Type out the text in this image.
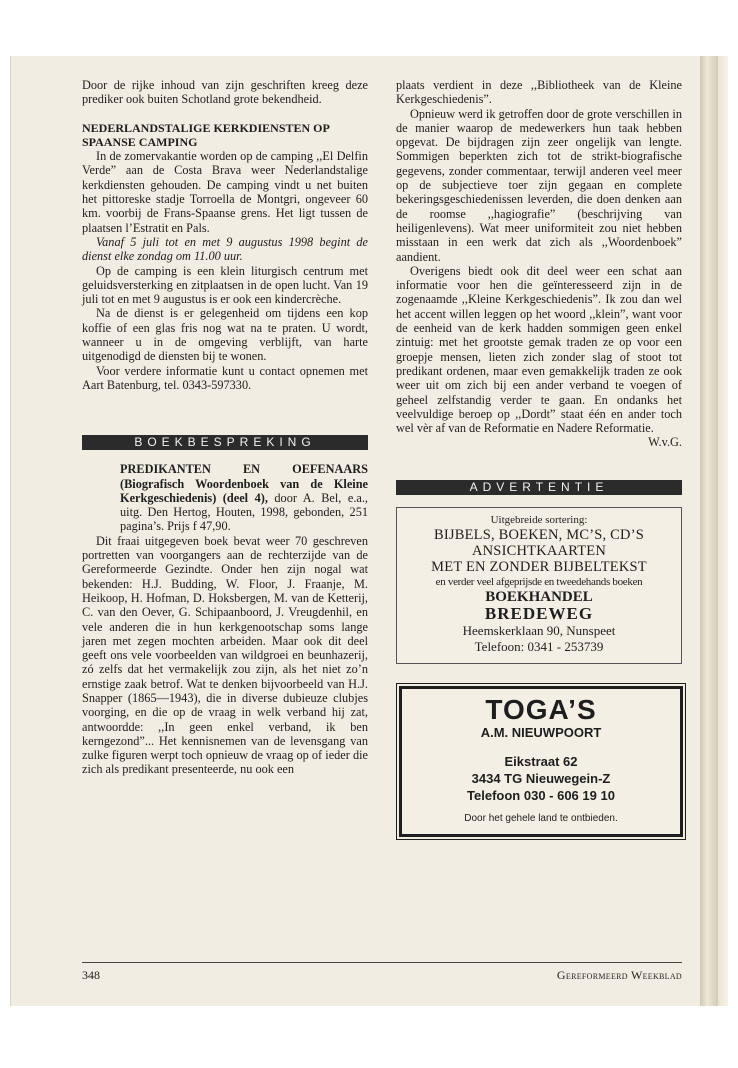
Door de rijke inhoud van zijn geschriften kreeg deze prediker ook buiten Schotland grote bekendheid.

NEDERLANDSTALIGE KERKDIENSTEN OP SPAANSE CAMPING

In de zomervakantie worden op de camping ,,El Delfin Verde” aan de Costa Brava weer Nederlandstalige kerkdiensten gehouden. De camping vindt u net buiten het pittoreske stadje Torroella de Montgri, ongeveer 60 km. voorbij de Frans-Spaanse grens. Het ligt tussen de plaatsen l’Estratit en Pals.

Vanaf 5 juli tot en met 9 augustus 1998 begint de dienst elke zondag om 11.00 uur.

Op de camping is een klein liturgisch centrum met geluidsversterking en zitplaatsen in de open lucht. Van 19 juli tot en met 9 augustus is er ook een kindercrèche.

Na de dienst is er gelegenheid om tijdens een kop koffie of een glas fris nog wat na te praten. U wordt, wanneer u in de omgeving verblijft, van harte uitgenodigd de diensten bij te wonen.

Voor verdere informatie kunt u contact opnemen met Aart Batenburg, tel. 0343-597330.

BOEKBESPREKING

PREDIKANTEN EN OEFENAARS (Biografisch Woordenboek van de Kleine Kerkgeschiedenis) (deel 4), door A. Bel, e.a., uitg. Den Hertog, Houten, 1998, gebonden, 251 pagina’s. Prijs f 47,90.

Dit fraai uitgegeven boek bevat weer 70 geschreven portretten van voorgangers aan de rechterzijde van de Gereformeerde Gezindte. Onder hen zijn nogal wat bekenden: H.J. Budding, W. Floor, J. Fraanje, M. Heikoop, H. Hofman, D. Hoksbergen, M. van de Ketterij, C. van den Oever, G. Schipaanboord, J. Vreugdenhil, en vele anderen die in hun kerkgenootschap soms lange jaren met zegen mochten arbeiden. Maar ook dit deel geeft ons vele voorbeelden van wildgroei en beunhazerij, zó zelfs dat het vermakelijk zou zijn, als het niet zo’n ernstige zaak betrof. Wat te denken bijvoorbeeld van H.J. Snapper (1865—1943), die in diverse dubieuze clubjes voorging, en die op de vraag in welk verband hij zat, antwoordde: ,,In geen enkel verband, ik ben kerngezond”... Het kennisnemen van de levensgang van zulke figuren werpt toch opnieuw de vraag op of ieder die zich als predikant presenteerde, nu ook een

plaats verdient in deze ,,Bibliotheek van de Kleine Kerkgeschiedenis”.

Opnieuw werd ik getroffen door de grote verschillen in de manier waarop de medewerkers hun taak hebben opgevat. De bijdragen zijn zeer ongelijk van lengte. Sommigen beperkten zich tot de strikt-biografische gegevens, zonder commentaar, terwijl anderen veel meer op de subjectieve toer zijn gegaan en complete bekeringsgeschiedenissen leverden, die doen denken aan de roomse ,,hagiografie” (beschrijving van heiligenlevens). Wat meer uniformiteit zou niet hebben misstaan in een werk dat zich als ,,Woordenboek” aandient.

Overigens biedt ook dit deel weer een schat aan informatie voor hen die geïnteresseerd zijn in de zogenaamde ,,Kleine Kerkgeschiedenis”. Ik zou dan wel het accent willen leggen op het woord ,,klein”, want voor de eenheid van de kerk hadden sommigen geen enkel zintuig: met het grootste gemak traden ze op voor een groepje mensen, lieten zich zonder slag of stoot tot predikant ordenen, maar even gemakkelijk traden ze ook weer uit om zich bij een ander verband te voegen of geheel zelfstandig verder te gaan. En ondanks het veelvuldige beroep op ,,Dordt” staat één en ander toch wel vèr af van de Reformatie en Nadere Reformatie.

W.v.G.

ADVERTENTIE
Uitgebreide sortering:
BIJBELS, BOEKEN, MC’S, CD’S
ANSICHTKAARTEN
MET EN ZONDER BIJBELTEKST
en verder veel afgeprijsde en tweedehands boeken
BOEKHANDEL
BREDEWEG
Heemskerklaan 90, Nunspeet
Telefoon: 0341 - 253739
TOGA’S
A.M. NIEUWPOORT
Eikstraat 62
3434 TG Nieuwegein-Z
Telefoon 030 - 606 19 10
Door het gehele land te ontbieden.
348	Gereformeerd Weekblad
